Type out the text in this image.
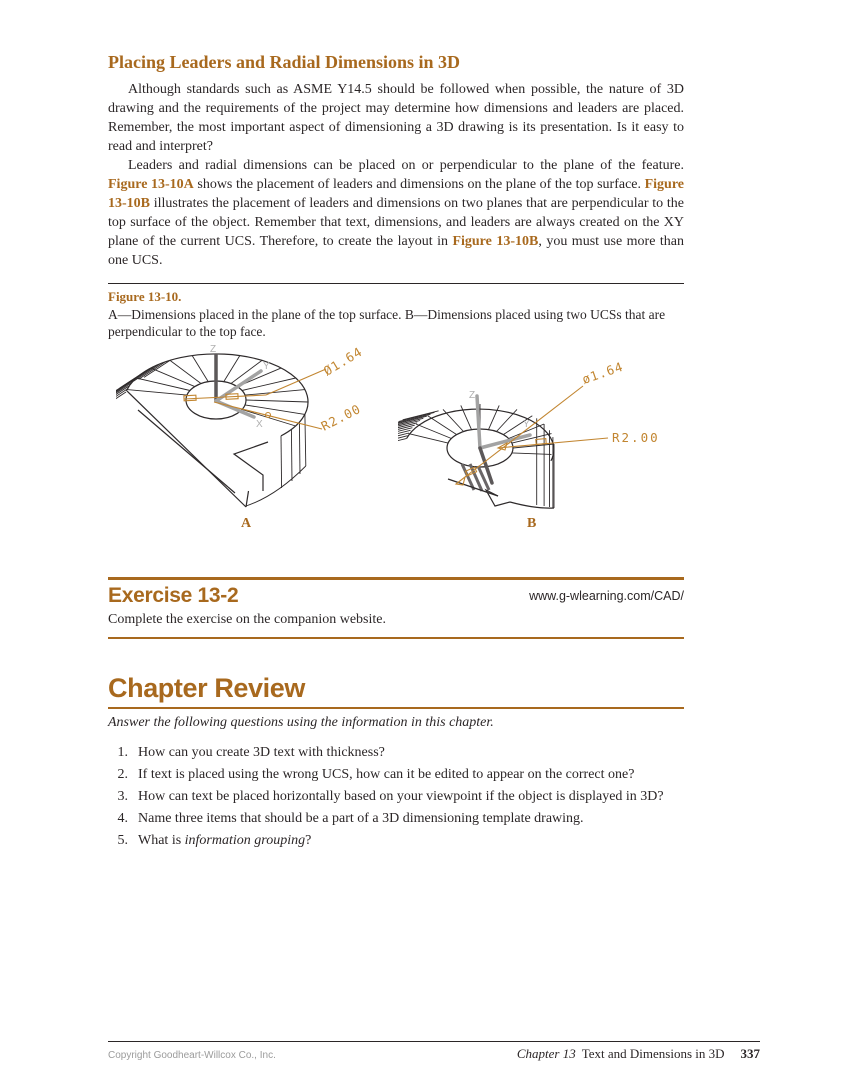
Placing Leaders and Radial Dimensions in 3D

Although standards such as ASME Y14.5 should be followed when possible, the nature of 3D drawing and the requirements of the project may determine how dimensions and leaders are placed. Remember, the most important aspect of dimensioning a 3D drawing is its presentation. Is it easy to read and interpret?

Leaders and radial dimensions can be placed on or perpendicular to the plane of the feature. Figure 13-10A shows the placement of leaders and dimensions on the plane of the top surface. Figure 13-10B illustrates the placement of leaders and dimensions on two planes that are perpendicular to the top surface of the object. Remember that text, dimensions, and leaders are always created on the XY plane of the current UCS. Therefore, to create the layout in Figure 13-10B, you must use more than one UCS.

Figure 13-10.
A—Dimensions placed in the plane of the top surface. B—Dimensions placed using two UCSs that are perpendicular to the top face.
Z
Y
X
Ø1.64
R2.00
Z
Y
ø1.64
R2.00
A	B
Exercise 13-2	www.g-wlearning.com/CAD/
Complete the exercise on the companion website.
Chapter Review
Answer the following questions using the information in this chapter.
1. How can you create 3D text with thickness?
2. If text is placed using the wrong UCS, how can it be edited to appear on the correct one?
3. How can text be placed horizontally based on your viewpoint if the object is displayed in 3D?
4. Name three items that should be a part of a 3D dimensioning template drawing.
5. What is information grouping?
Copyright Goodheart-Willcox Co., Inc.	Chapter 13 Text and Dimensions in 3D 337
